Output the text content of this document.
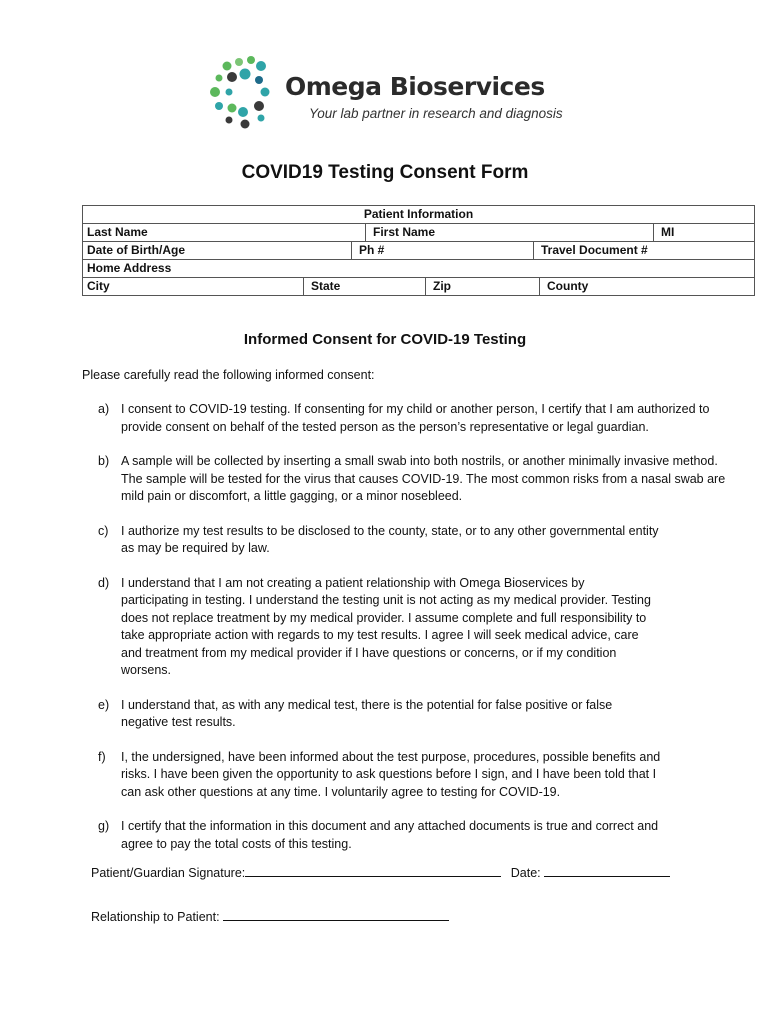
Omega Bioservices
Your lab partner in research and diagnosis
COVID19 Testing Consent Form
Patient Information
Last Name	First Name	MI
Date of Birth/Age	Ph #	Travel Document #
Home Address
City	State	Zip	County
Informed Consent for COVID-19 Testing
Please carefully read the following informed consent:
a) I consent to COVID-19 testing. If consenting for my child or another person, I certify that I am authorized to
provide consent on behalf of the tested person as the person’s representative or legal guardian.
b) A sample will be collected by inserting a small swab into both nostrils, or another minimally invasive method.
The sample will be tested for the virus that causes COVID-19. The most common risks from a nasal swab are
mild pain or discomfort, a little gagging, or a minor nosebleed.
c) I authorize my test results to be disclosed to the county, state, or to any other governmental entity
as may be required by law.
d) I understand that I am not creating a patient relationship with Omega Bioservices by
participating in testing. I understand the testing unit is not acting as my medical provider. Testing
does not replace treatment by my medical provider. I assume complete and full responsibility to
take appropriate action with regards to my test results. I agree I will seek medical advice, care
and treatment from my medical provider if I have questions or concerns, or if my condition
worsens.
e) I understand that, as with any medical test, there is the potential for false positive or false
negative test results.
f) I, the undersigned, have been informed about the test purpose, procedures, possible benefits and
risks. I have been given the opportunity to ask questions before I sign, and I have been told that I
can ask other questions at any time. I voluntarily agree to testing for COVID-19.
g) I certify that the information in this document and any attached documents is true and correct and
agree to pay the total costs of this testing.
Patient/Guardian Signature:	Date:
Relationship to Patient:
